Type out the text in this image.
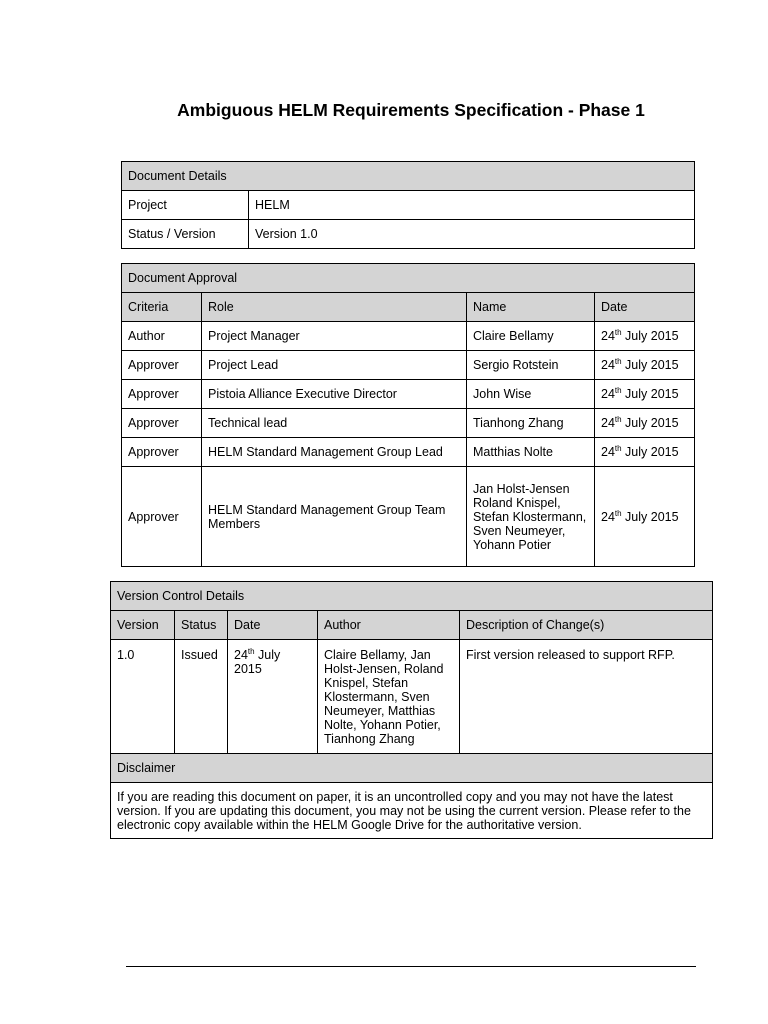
Ambiguous HELM Requirements Specification - Phase 1
Document Details	
Project	HELM
Status / Version	Version 1.0
Document Approval			
Criteria	Role	Name	Date
Author	Project Manager	Claire Bellamy	24th July 2015
Approver	Project Lead	Sergio Rotstein	24th July 2015
Approver	Pistoia Alliance Executive Director	John Wise	24th July 2015
Approver	Technical lead	Tianhong Zhang	24th July 2015
Approver	HELM Standard Management Group Lead	Matthias Nolte	24th July 2015
Approver	HELM Standard Management Group Team Members	Jan Holst-Jensen Roland Knispel, Stefan Klostermann, Sven Neumeyer, Yohann Potier	24th July 2015
Version Control Details				
Version	Status	Date	Author	Description of Change(s)
1.0	Issued	24th July 2015	Claire Bellamy, Jan Holst-Jensen, Roland Knispel, Stefan Klostermann, Sven Neumeyer, Matthias Nolte, Yohann Potier, Tianhong Zhang	First version released to support RFP.
Disclaimer				
If you are reading this document on paper, it is an uncontrolled copy and you may not have the latest version. If you are updating this document, you may not be using the current version. Please refer to the electronic copy available within the HELM Google Drive for the authoritative version.				
